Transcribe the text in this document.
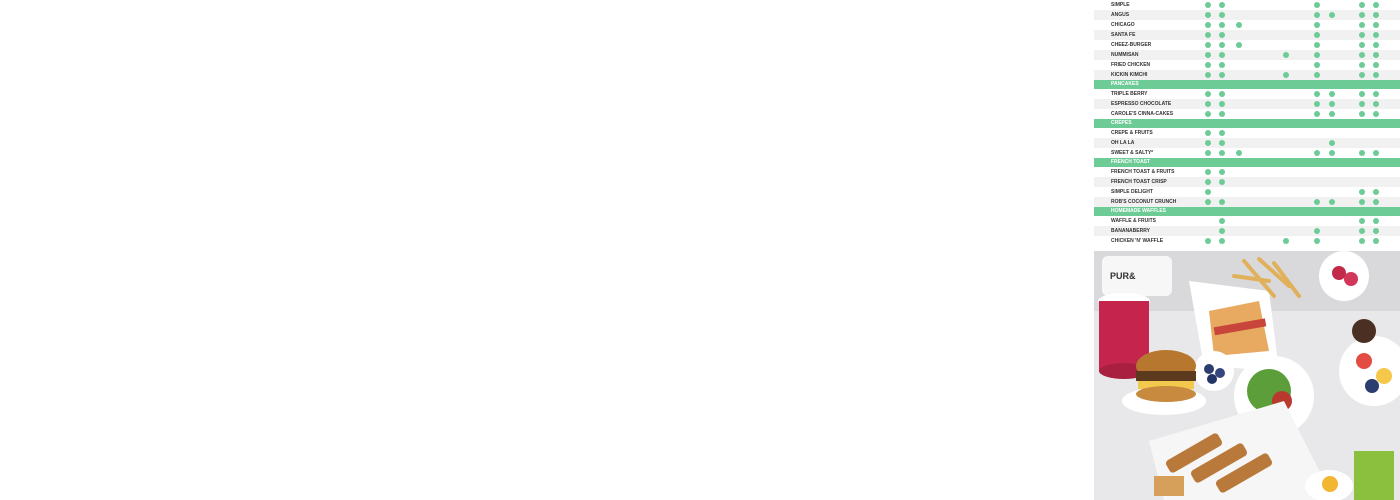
SIMPLE
ANGUS
CHICAGO
SANTA FE
CHEEZ-BURGER
NUMMISAN
FRIED CHICKEN
KICKIN KIMCHI
PANCAKES
TRIPLE BERRY
ESPRESSO CHOCOLATE
CAROLE'S CINNA-CAKES
CREPES
CREPE & FRUITS
OH LA LA
SWEET & SALTY*
FRENCH TOAST
FRENCH TOAST & FRUITS
FRENCH TOAST CRISP
SIMPLE DELIGHT
ROB'S COCONUT CRUNCH
HOMEMADE WAFFLES
WAFFLE & FRUITS
BANANABERRY
CHICKEN 'N' WAFFLE
PUR&
